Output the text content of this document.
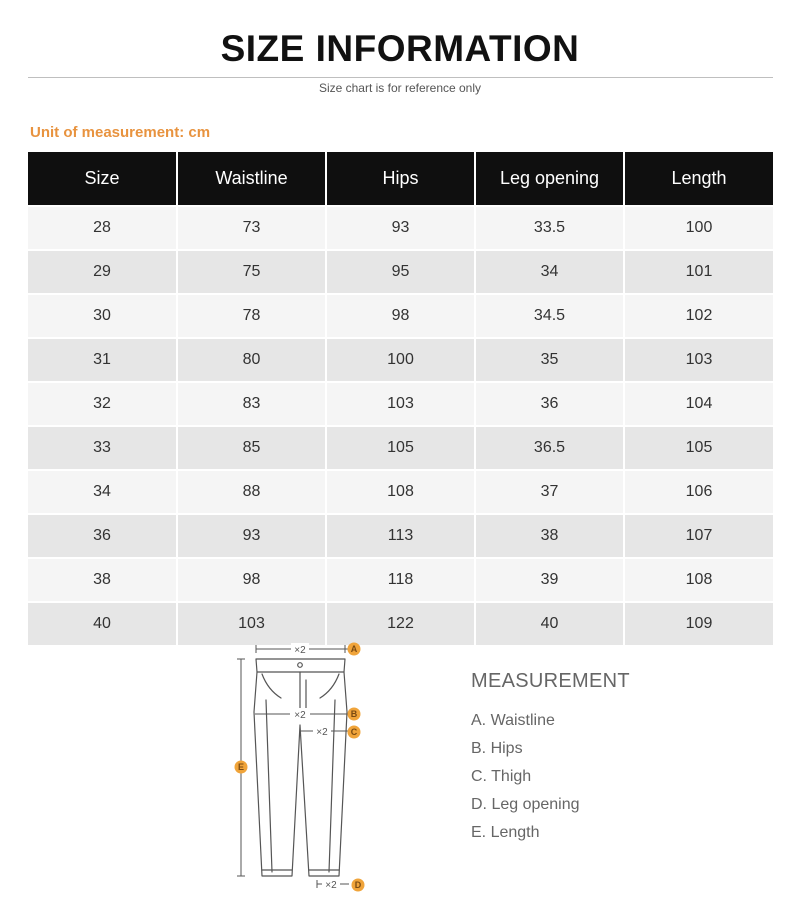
SIZE INFORMATION
Size chart is for reference only
Unit of measurement: cm
Size	Waistline	Hips	Leg opening	Length
28	73	93	33.5	100
29	75	95	34	101
30	78	98	34.5	102
31	80	100	35	103
32	83	103	36	104
33	85	105	36.5	105
34	88	108	37	106
36	93	113	38	107
38	98	118	39	108
40	103	122	40	109
×2
×2
×2
×2
A
B
C
D
E
MEASUREMENT
A. Waistline
B. Hips
C. Thigh
D. Leg opening
E. Length
